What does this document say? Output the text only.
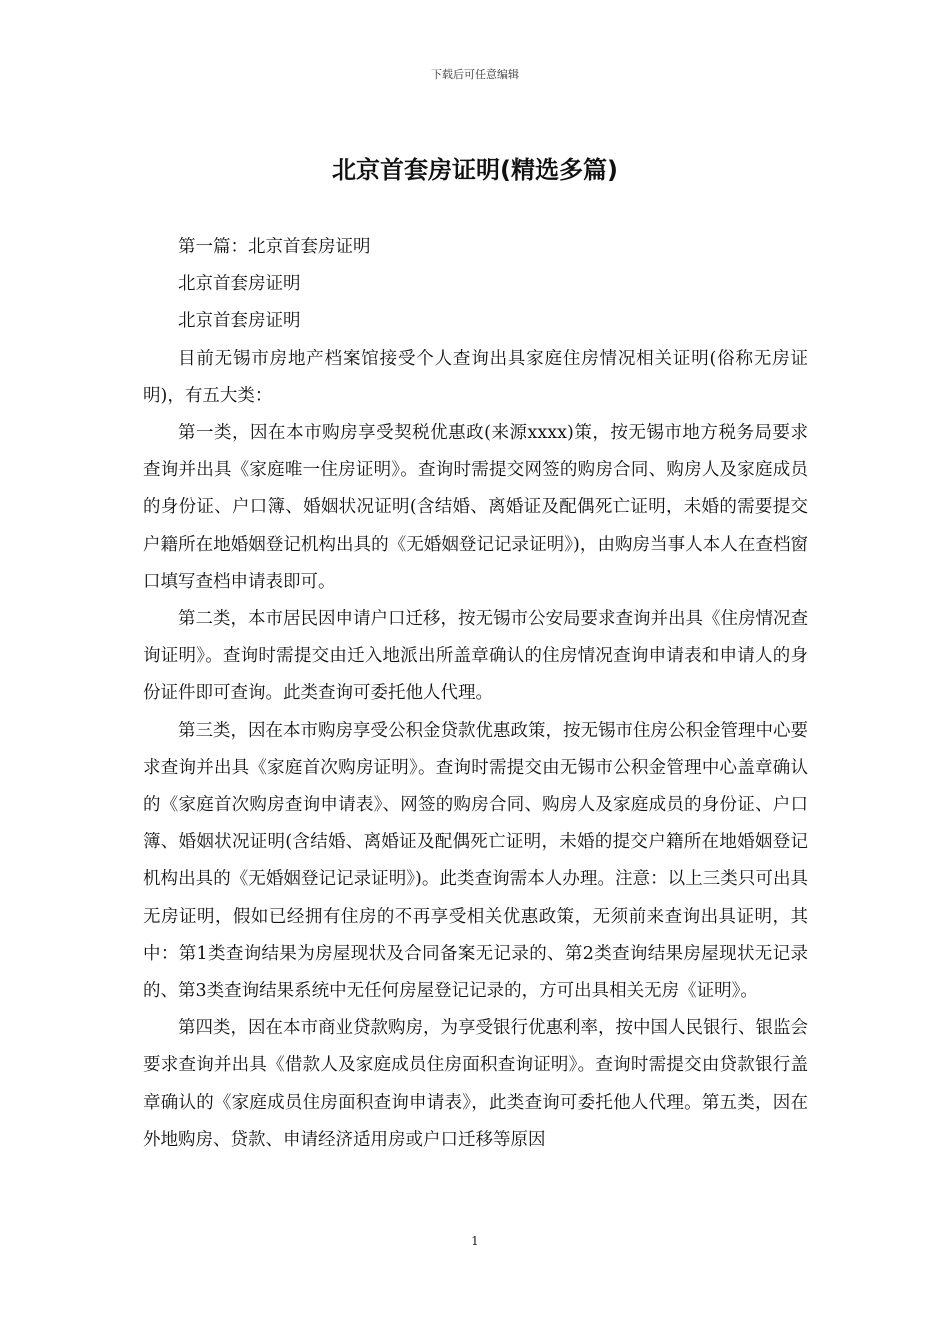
下载后可任意编辑
北京首套房证明(精选多篇)

第一篇：北京首套房证明

北京首套房证明

北京首套房证明

目前无锡市房地产档案馆接受个人查询出具家庭住房情况相关证明(俗称无房证明)，有五大类：

第一类，因在本市购房享受契税优惠政(来源xxxx)策，按无锡市地方税务局要求查询并出具《家庭唯一住房证明》。查询时需提交网签的购房合同、购房人及家庭成员的身份证、户口簿、婚姻状况证明(含结婚、离婚证及配偶死亡证明，未婚的需要提交户籍所在地婚姻登记机构出具的《无婚姻登记记录证明》)，由购房当事人本人在查档窗口填写查档申请表即可。

第二类，本市居民因申请户口迁移，按无锡市公安局要求查询并出具《住房情况查询证明》。查询时需提交由迁入地派出所盖章确认的住房情况查询申请表和申请人的身份证件即可查询。此类查询可委托他人代理。

第三类，因在本市购房享受公积金贷款优惠政策，按无锡市住房公积金管理中心要求查询并出具《家庭首次购房证明》。查询时需提交由无锡市公积金管理中心盖章确认的《家庭首次购房查询申请表》、网签的购房合同、购房人及家庭成员的身份证、户口簿、婚姻状况证明(含结婚、离婚证及配偶死亡证明，未婚的提交户籍所在地婚姻登记机构出具的《无婚姻登记记录证明》)。此类查询需本人办理。注意：以上三类只可出具无房证明，假如已经拥有住房的不再享受相关优惠政策，无须前来查询出具证明，其中：第1类查询结果为房屋现状及合同备案无记录的、第2类查询结果房屋现状无记录的、第3类查询结果系统中无任何房屋登记记录的，方可出具相关无房《证明》。

第四类，因在本市商业贷款购房，为享受银行优惠利率，按中国人民银行、银监会要求查询并出具《借款人及家庭成员住房面积查询证明》。查询时需提交由贷款银行盖章确认的《家庭成员住房面积查询申请表》，此类查询可委托他人代理。第五类，因在外地购房、贷款、申请经济适用房或户口迁移等原因

1
